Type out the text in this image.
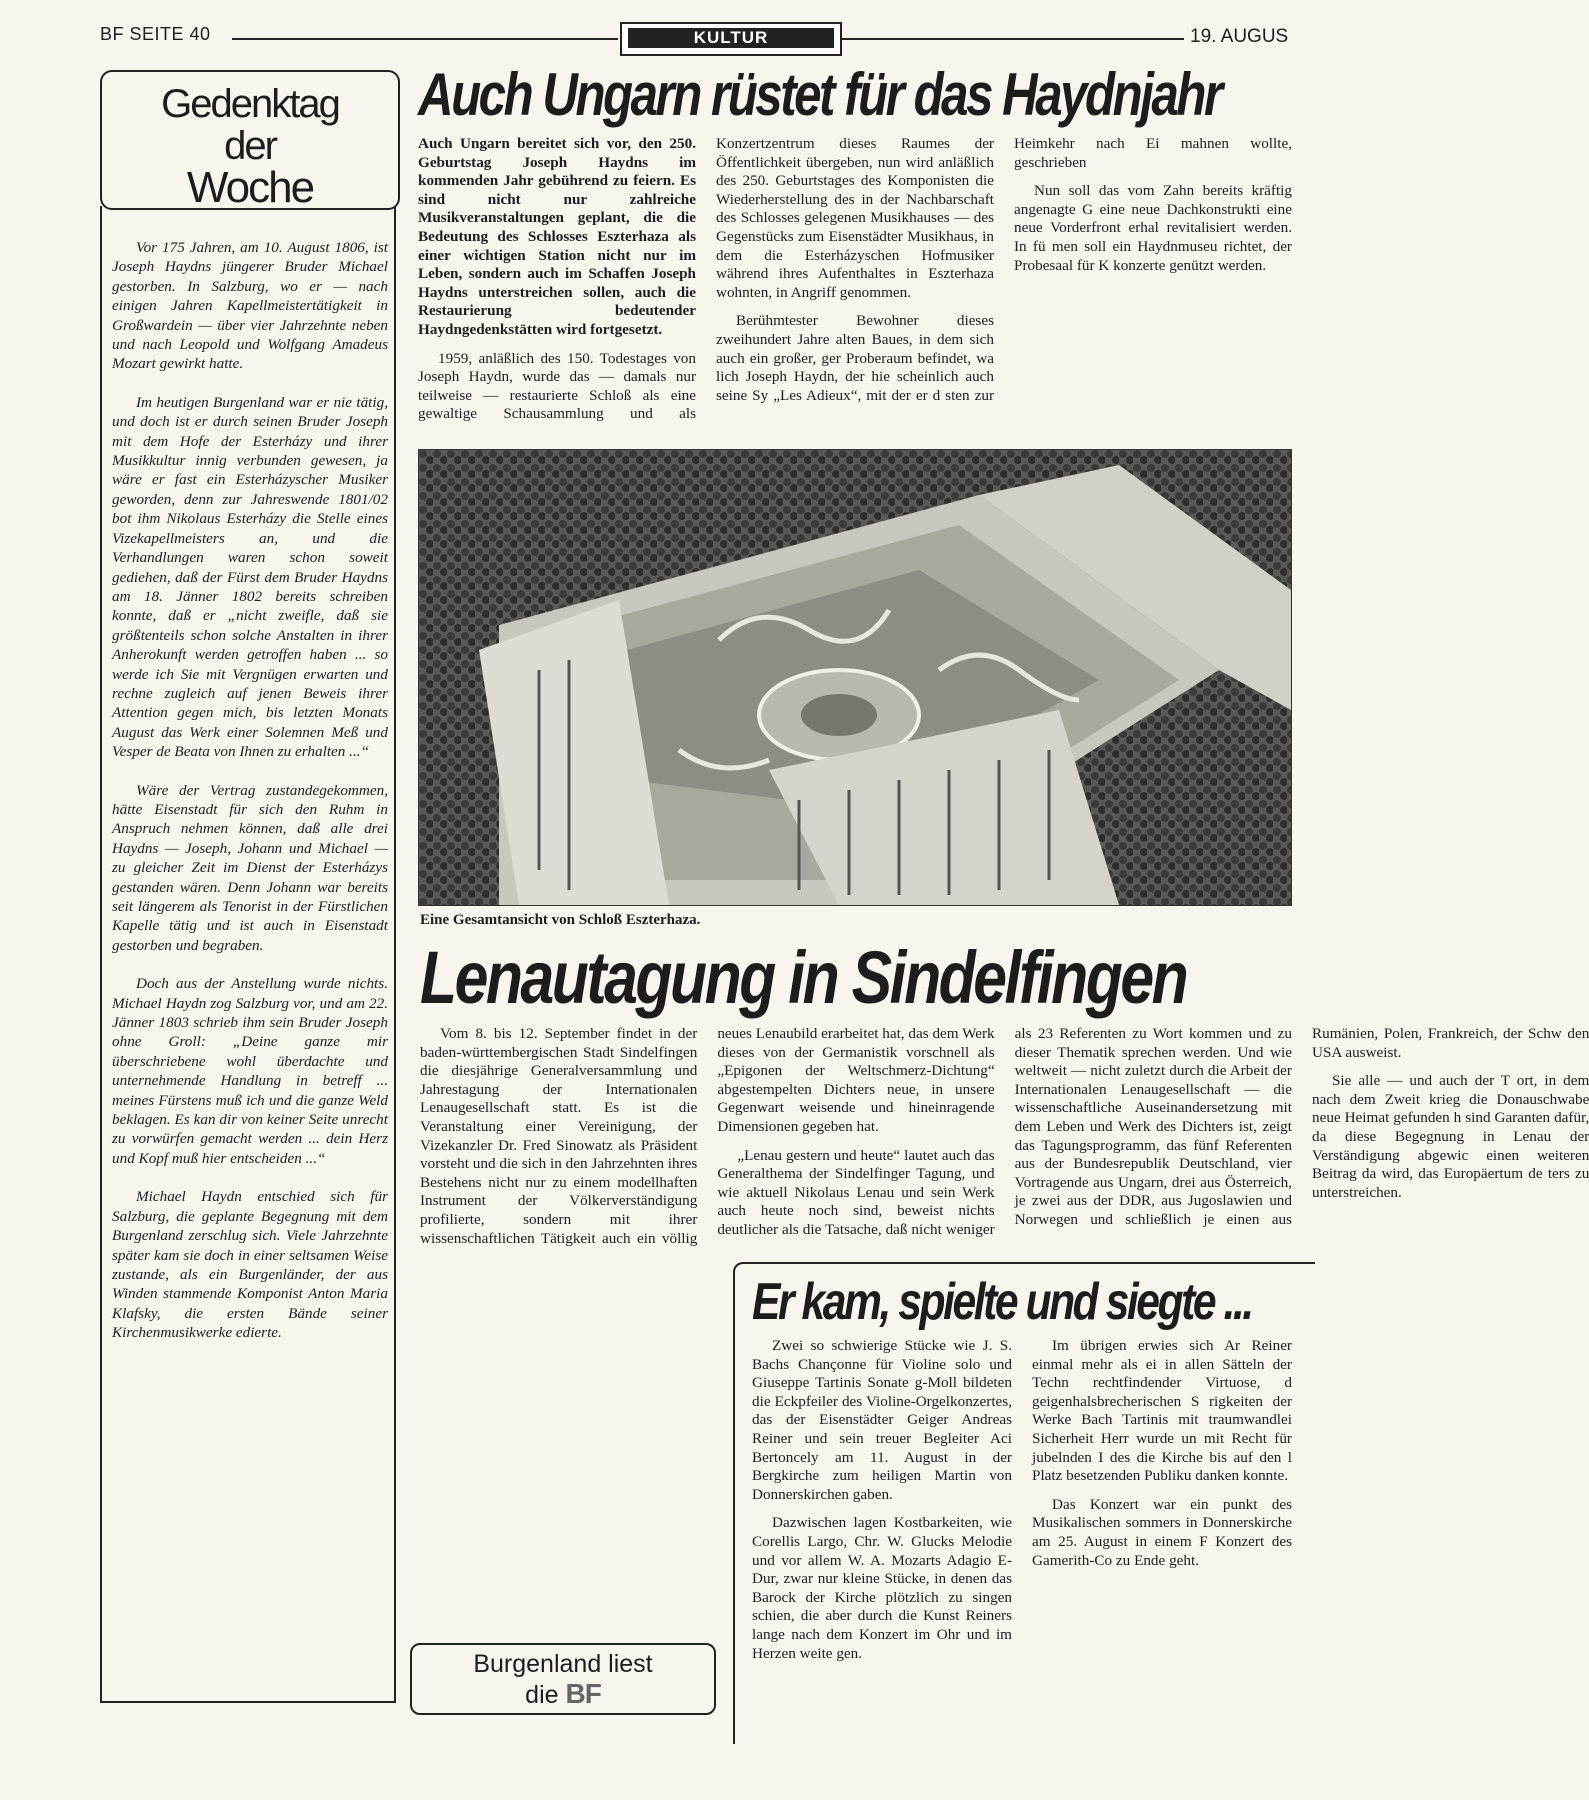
BF SEITE 40	KULTUR	19. AUGUS
Gedenktag
der
Woche

Vor 175 Jahren, am 10. August 1806, ist Joseph Haydns jüngerer Bruder Michael gestorben. In Salzburg, wo er — nach einigen Jahren Kapellmeistertätigkeit in Großwardein — über vier Jahrzehnte neben und nach Leopold und Wolfgang Amadeus Mozart gewirkt hatte.

Im heutigen Burgenland war er nie tätig, und doch ist er durch seinen Bruder Joseph mit dem Hofe der Esterházy und ihrer Musikkultur innig verbunden gewesen, ja wäre er fast ein Esterházyscher Musiker geworden, denn zur Jahreswende 1801/02 bot ihm Nikolaus Esterházy die Stelle eines Vizekapellmeisters an, und die Verhandlungen waren schon soweit gediehen, daß der Fürst dem Bruder Haydns am 18. Jänner 1802 bereits schreiben konnte, daß er „nicht zweifle, daß sie größtenteils schon solche Anstalten in ihrer Anherokunft werden getroffen haben ... so werde ich Sie mit Vergnügen erwarten und rechne zugleich auf jenen Beweis ihrer Attention gegen mich, bis letzten Monats August das Werk einer Solemnen Meß und Vesper de Beata von Ihnen zu erhalten ...“

Wäre der Vertrag zustandegekommen, hätte Eisenstadt für sich den Ruhm in Anspruch nehmen können, daß alle drei Haydns — Joseph, Johann und Michael — zu gleicher Zeit im Dienst der Esterházys gestanden wären. Denn Johann war bereits seit längerem als Tenorist in der Fürstlichen Kapelle tätig und ist auch in Eisenstadt gestorben und begraben.

Doch aus der Anstellung wurde nichts. Michael Haydn zog Salzburg vor, und am 22. Jänner 1803 schrieb ihm sein Bruder Joseph ohne Groll: „Deine ganze mir überschriebene wohl überdachte und unternehmende Handlung in betreff ... meines Fürstens muß ich und die ganze Weld beklagen. Es kan dir von keiner Seite unrecht zu vorwürfen gemacht werden ... dein Herz und Kopf muß hier entscheiden ...“

Michael Haydn entschied sich für Salzburg, die geplante Begegnung mit dem Burgenland zerschlug sich. Viele Jahrzehnte später kam sie doch in einer seltsamen Weise zustande, als ein Burgenländer, der aus Winden stammende Komponist Anton Maria Klafsky, die ersten Bände seiner Kirchenmusikwerke edierte.

Auch Ungarn rüstet für das Haydnjahr

Auch Ungarn bereitet sich vor, den 250. Geburtstag Joseph Haydns im kommenden Jahr gebührend zu feiern. Es sind nicht nur zahlreiche Musikveranstaltungen geplant, die die Bedeutung des Schlosses Eszterhaza als einer wichtigen Station nicht nur im Leben, sondern auch im Schaffen Joseph Haydns unterstreichen sollen, auch die Restaurierung bedeutender Haydngedenkstätten wird fortgesetzt.

1959, anläßlich des 150. Todestages von Joseph Haydn, wurde das — damals nur teilweise — restaurierte Schloß als eine gewaltige Schausammlung und als Konzertzentrum dieses Raumes der Öffentlichkeit übergeben, nun wird anläßlich des 250. Geburtstages des Komponisten die Wiederherstellung des in der Nachbarschaft des Schlosses gelegenen Musikhauses — des Gegenstücks zum Eisenstädter Musikhaus, in dem die Esterházyschen Hofmusiker während ihres Aufenthaltes in Eszterhaza wohnten, in Angriff genommen.

Berühmtester Bewohner dieses zweihundert Jahre alten Baues, in dem sich auch ein großer, ger Proberaum befindet, wa lich Joseph Haydn, der hie scheinlich auch seine Sy „Les Adieux“, mit der er d sten zur Heimkehr nach Ei mahnen wollte, geschrieben

Nun soll das vom Zahn bereits kräftig angenagte G eine neue Dachkonstrukti eine neue Vorderfront erhal revitalisiert werden. In fü men soll ein Haydnmuseu richtet, der Probesaal für K konzerte genützt werden.

Eine Gesamtansicht von Schloß Eszterhaza.
Lenautagung in Sindelfingen

Vom 8. bis 12. September findet in der baden-württembergischen Stadt Sindelfingen die diesjährige Generalversammlung und Jahrestagung der Internationalen Lenaugesellschaft statt. Es ist die Veranstaltung einer Vereinigung, der Vizekanzler Dr. Fred Sinowatz als Präsident vorsteht und die sich in den Jahrzehnten ihres Bestehens nicht nur zu einem modellhaften Instrument der Völkerverständigung profilierte, sondern mit ihrer wissenschaftlichen Tätigkeit auch ein völlig neues Lenaubild erarbeitet hat, das dem Werk dieses von der Germanistik vorschnell als „Epigonen der Weltschmerz-Dichtung“ abgestempelten Dichters neue, in unsere Gegenwart weisende und hineinragende Dimensionen gegeben hat.

„Lenau gestern und heute“ lautet auch das Generalthema der Sindelfinger Tagung, und wie aktuell Nikolaus Lenau und sein Werk auch heute noch sind, beweist nichts deutlicher als die Tatsache, daß nicht weniger als 23 Referenten zu Wort kommen und zu dieser Thematik sprechen werden. Und wie weltweit — nicht zuletzt durch die Arbeit der Internationalen Lenaugesellschaft — die wissenschaftliche Auseinandersetzung mit dem Leben und Werk des Dichters ist, zeigt das Tagungsprogramm, das fünf Referenten aus der Bundesrepublik Deutschland, vier Vortragende aus Ungarn, drei aus Österreich, je zwei aus der DDR, aus Jugoslawien und Norwegen und schließlich je einen aus Rumänien, Polen, Frankreich, der Schw den USA ausweist.

Sie alle — und auch der T ort, in dem nach dem Zweit krieg die Donauschwabe neue Heimat gefunden h sind Garanten dafür, da diese Begegnung in Lenau der Verständigung abgewic einen weiteren Beitrag da wird, das Europäertum de ters zu unterstreichen.

Er kam, spielte und siegte ...

Zwei so schwierige Stücke wie J. S. Bachs Chançonne für Violine solo und Giuseppe Tartinis Sonate g-Moll bildeten die Eckpfeiler des Violine-Orgelkonzertes, das der Eisenstädter Geiger Andreas Reiner und sein treuer Begleiter Aci Bertoncely am 11. August in der Bergkirche zum heiligen Martin von Donnerskirchen gaben.

Dazwischen lagen Kostbarkeiten, wie Corellis Largo, Chr. W. Glucks Melodie und vor allem W. A. Mozarts Adagio E-Dur, zwar nur kleine Stücke, in denen das Barock der Kirche plötzlich zu singen schien, die aber durch die Kunst Reiners lange nach dem Konzert im Ohr und im Herzen weite gen.

Im übrigen erwies sich Ar Reiner einmal mehr als ei in allen Sätteln der Techn rechtfindender Virtuose, d geigenhalsbrecherischen S rigkeiten der Werke Bach Tartinis mit traumwandlei Sicherheit Herr wurde un mit Recht für jubelnden I des die Kirche bis auf den l Platz besetzenden Publiku danken konnte.

Das Konzert war ein punkt des Musikalischen sommers in Donnerskirche am 25. August in einem F Konzert des Gamerith-Co zu Ende geht.

Burgenland liest
die BF
